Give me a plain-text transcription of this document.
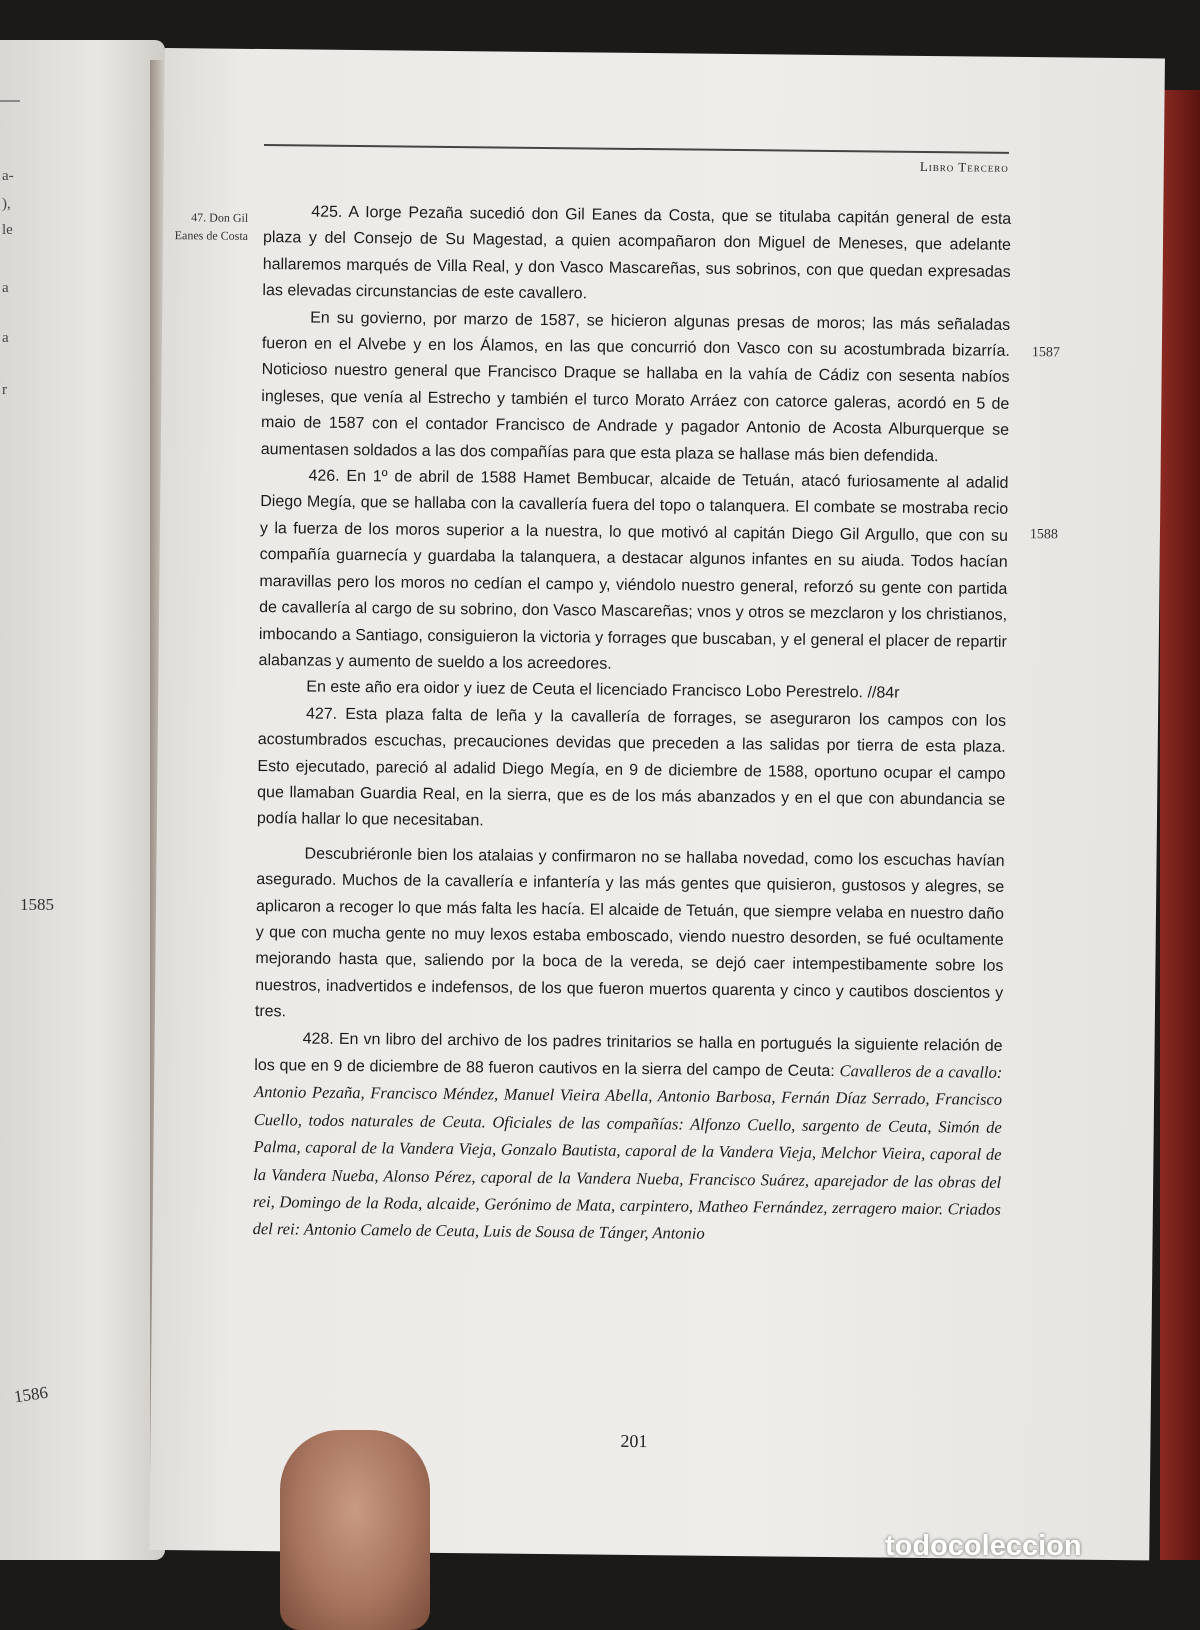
a-
),
le
a
a
r
1585
1586
Libro Tercero
47. Don Gil Eanes de Costa
1587
1588

425. A Iorge Pezaña sucedió don Gil Eanes da Costa, que se titulaba capitán general de esta plaza y del Consejo de Su Magestad, a quien acompañaron don Miguel de Meneses, que adelante hallaremos marqués de Villa Real, y don Vasco Mascareñas, sus sobrinos, con que quedan expresadas las elevadas circunstancias de este cavallero.

En su govierno, por marzo de 1587, se hicieron algunas presas de moros; las más señaladas fueron en el Alvebe y en los Álamos, en las que concurrió don Vasco con su acostumbrada bizarría. Noticioso nuestro general que Francisco Draque se hallaba en la vahía de Cádiz con sesenta nabíos ingleses, que venía al Estrecho y también el turco Morato Arráez con catorce galeras, acordó en 5 de maio de 1587 con el contador Francisco de Andrade y pagador Antonio de Acosta Alburquerque se aumentasen soldados a las dos compañías para que esta plaza se hallase más bien defendida.

426. En 1º de abril de 1588 Hamet Bembucar, alcaide de Tetuán, atacó furiosamente al adalid Diego Megía, que se hallaba con la cavallería fuera del topo o talanquera. El combate se mostraba recio y la fuerza de los moros superior a la nuestra, lo que motivó al capitán Diego Gil Argullo, que con su compañía guarnecía y guardaba la talanquera, a destacar algunos infantes en su aiuda. Todos hacían maravillas pero los moros no cedían el campo y, viéndolo nuestro general, reforzó su gente con partida de cavallería al cargo de su sobrino, don Vasco Mascareñas; vnos y otros se mezclaron y los christianos, imbocando a Santiago, consiguieron la victoria y forrages que buscaban, y el general el placer de repartir alabanzas y aumento de sueldo a los acreedores.

En este año era oidor y iuez de Ceuta el licenciado Francisco Lobo Perestrelo. //84r

427. Esta plaza falta de leña y la cavallería de forrages, se aseguraron los campos con los acostumbrados escuchas, precauciones devidas que preceden a las salidas por tierra de esta plaza. Esto ejecutado, pareció al adalid Diego Megía, en 9 de diciembre de 1588, oportuno ocupar el campo que llamaban Guardia Real, en la sierra, que es de los más abanzados y en el que con abundancia se podía hallar lo que necesitaban.

Descubriéronle bien los atalaias y confirmaron no se hallaba novedad, como los escuchas havían asegurado. Muchos de la cavallería e infantería y las más gentes que quisieron, gustosos y alegres, se aplicaron a recoger lo que más falta les hacía. El alcaide de Tetuán, que siempre velaba en nuestro daño y que con mucha gente no muy lexos estaba emboscado, viendo nuestro desorden, se fué ocultamente mejorando hasta que, saliendo por la boca de la vereda, se dejó caer intempestibamente sobre los nuestros, inadvertidos e indefensos, de los que fueron muertos quarenta y cinco y cautibos doscientos y tres.

428. En vn libro del archivo de los padres trinitarios se halla en portugués la siguiente relación de los que en 9 de diciembre de 88 fueron cautivos en la sierra del campo de Ceuta: Cavalleros de a cavallo: Antonio Pezaña, Francisco Méndez, Manuel Vieira Abella, Antonio Barbosa, Fernán Díaz Serrado, Francisco Cuello, todos naturales de Ceuta. Oficiales de las compañías: Alfonzo Cuello, sargento de Ceuta, Simón de Palma, caporal de la Vandera Vieja, Gonzalo Bautista, caporal de la Vandera Vieja, Melchor Vieira, caporal de la Vandera Nueba, Alonso Pérez, caporal de la Vandera Nueba, Francisco Suárez, aparejador de las obras del rei, Domingo de la Roda, alcaide, Gerónimo de Mata, carpintero, Matheo Fernández, zerragero maior. Criados del rei: Antonio Camelo de Ceuta, Luis de Sousa de Tánger, Antonio

201
todocoleccion
